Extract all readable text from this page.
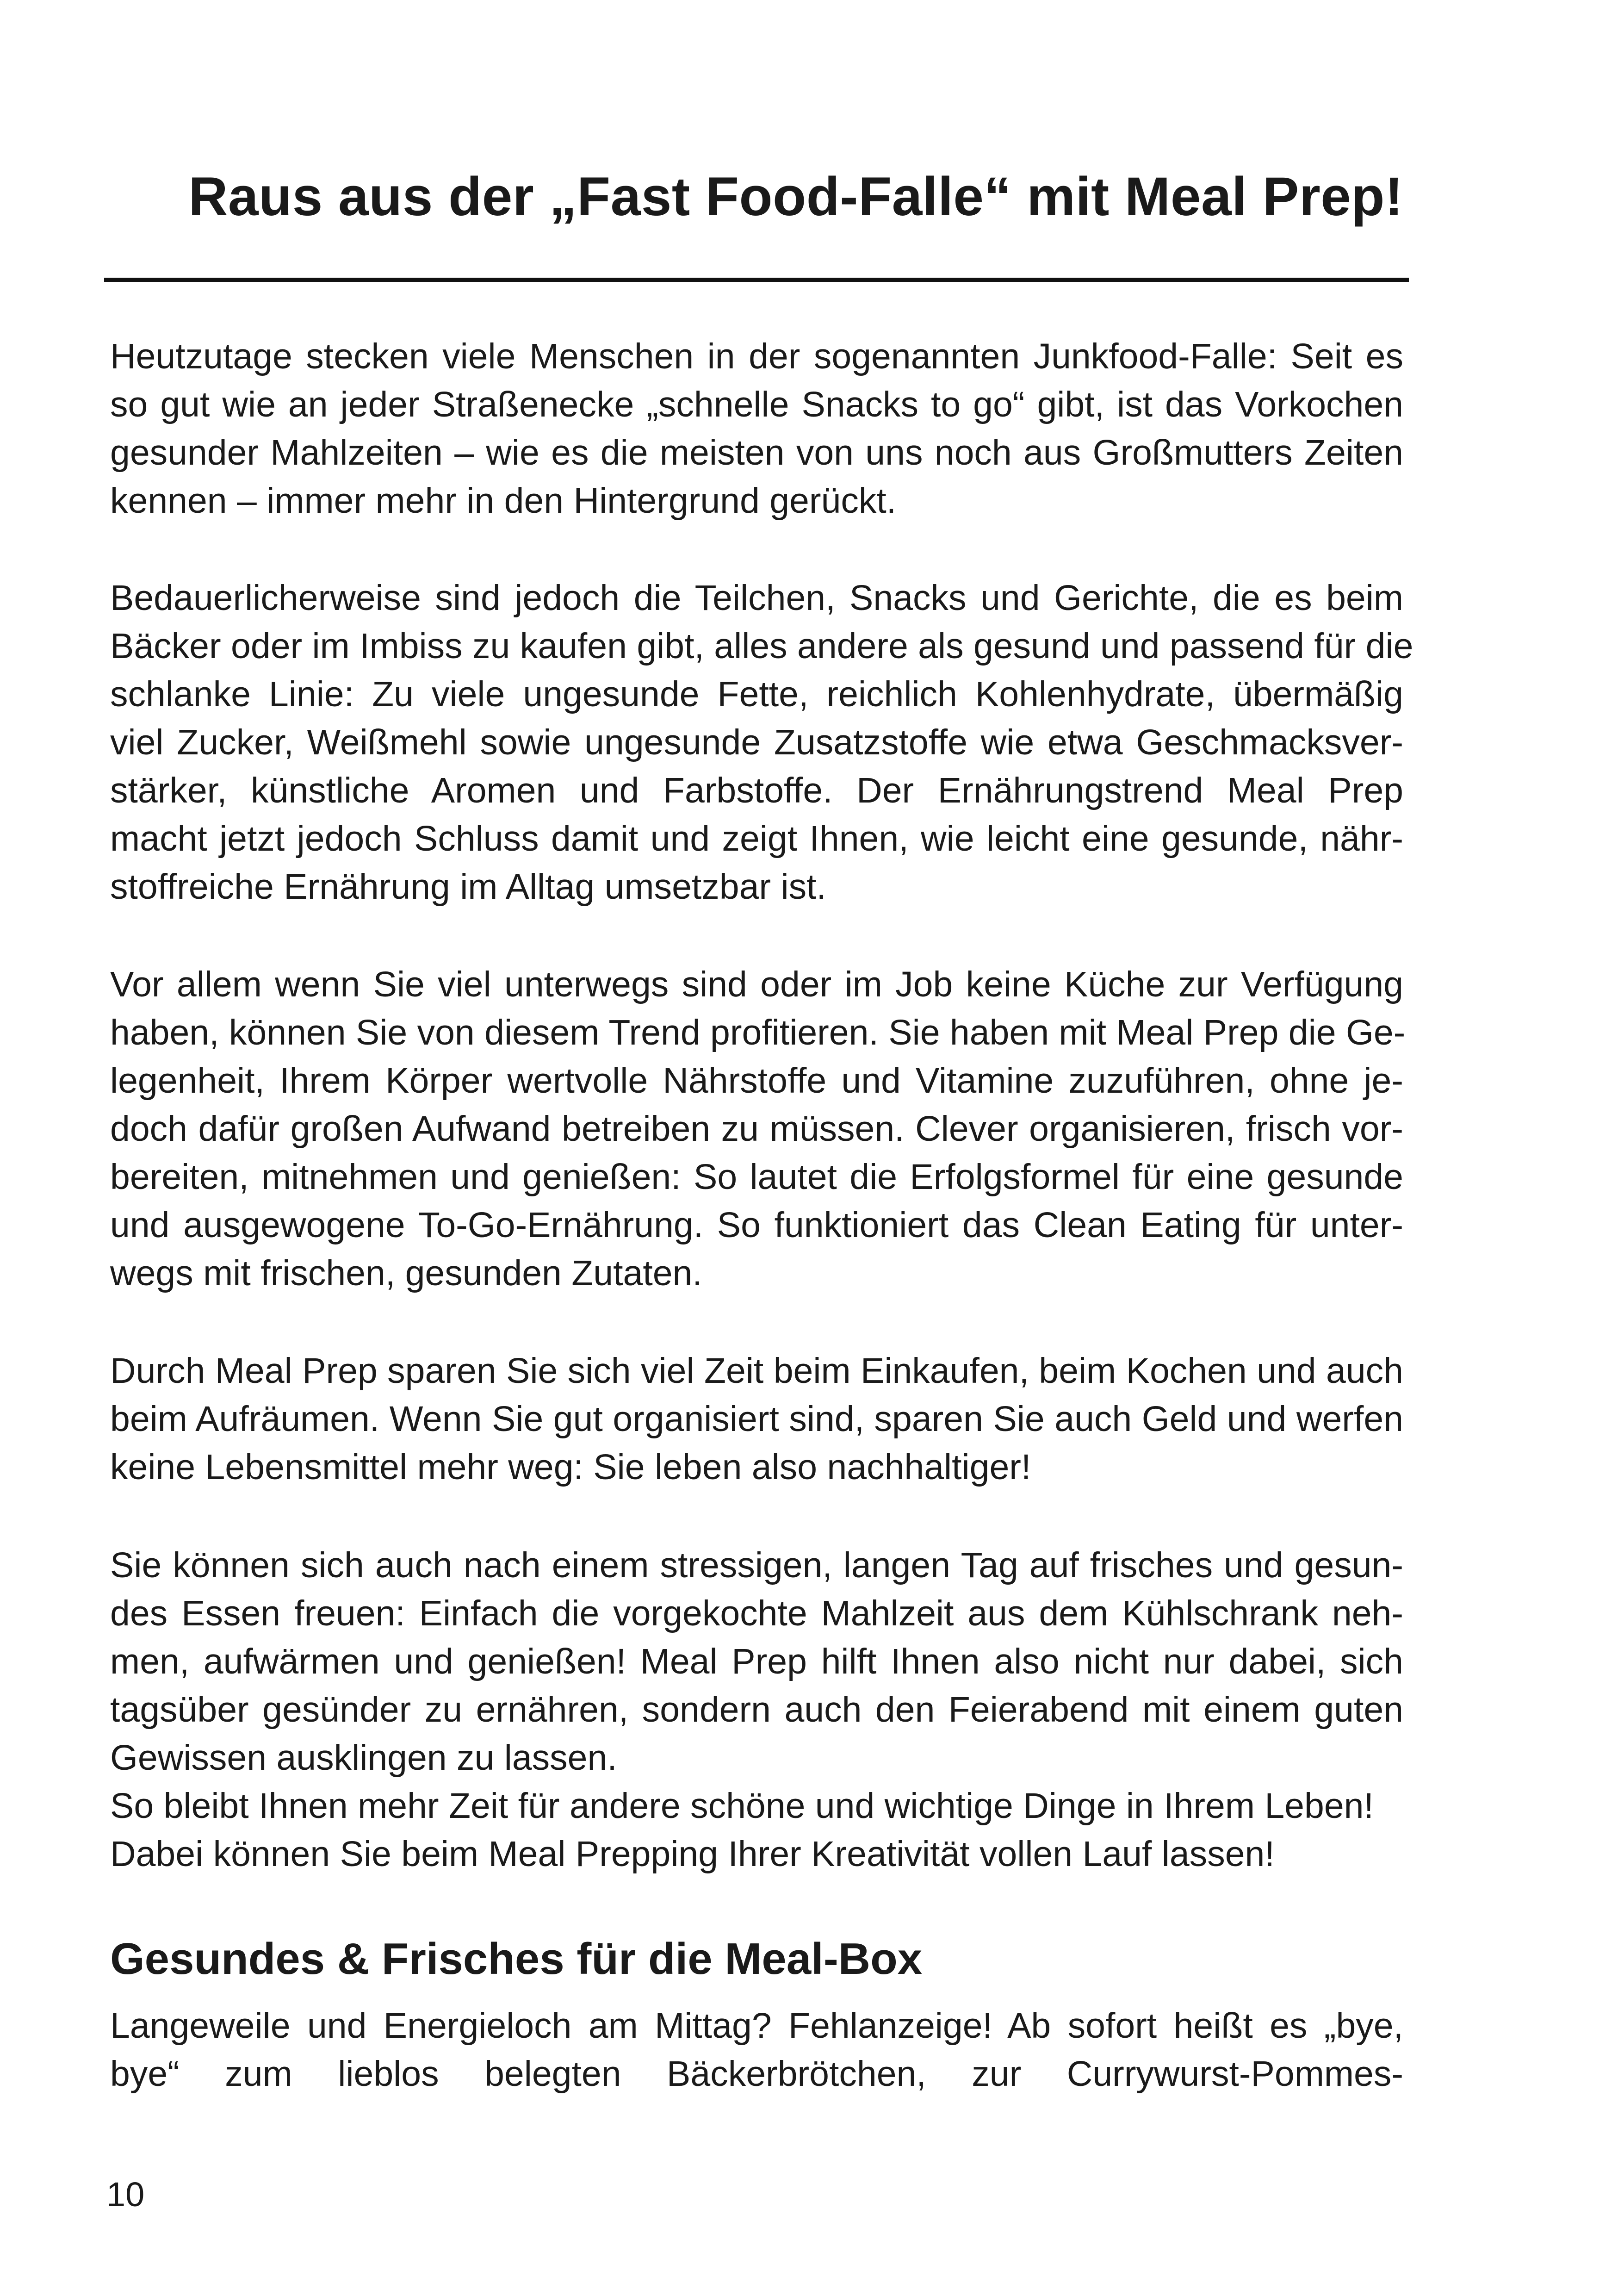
Raus aus der „Fast Food-Falle“ mit Meal Prep!
Heutzutage stecken viele Menschen in der sogenannten Junkfood-Falle: Seit es
so gut wie an jeder Straßenecke „schnelle Snacks to go“ gibt, ist das Vorkochen
gesunder Mahlzeiten – wie es die meisten von uns noch aus Großmutters Zeiten
kennen – immer mehr in den Hintergrund gerückt.
Bedauerlicherweise sind jedoch die Teilchen, Snacks und Gerichte, die es beim
Bäcker oder im Imbiss zu kaufen gibt, alles andere als gesund und passend für die
schlanke Linie: Zu viele ungesunde Fette, reichlich Kohlenhydrate, übermäßig
viel Zucker, Weißmehl sowie ungesunde Zusatzstoffe wie etwa Geschmacksver-
stärker, künstliche Aromen und Farbstoffe. Der Ernährungstrend Meal Prep
macht jetzt jedoch Schluss damit und zeigt Ihnen, wie leicht eine gesunde, nähr-
stoffreiche Ernährung im Alltag umsetzbar ist.
Vor allem wenn Sie viel unterwegs sind oder im Job keine Küche zur Verfügung
haben, können Sie von diesem Trend profitieren. Sie haben mit Meal Prep die Ge-
legenheit, Ihrem Körper wertvolle Nährstoffe und Vitamine zuzuführen, ohne je-
doch dafür großen Aufwand betreiben zu müssen. Clever organisieren, frisch vor-
bereiten, mitnehmen und genießen: So lautet die Erfolgsformel für eine gesunde
und ausgewogene To-Go-Ernährung. So funktioniert das Clean Eating für unter-
wegs mit frischen, gesunden Zutaten.
Durch Meal Prep sparen Sie sich viel Zeit beim Einkaufen, beim Kochen und auch
beim Aufräumen. Wenn Sie gut organisiert sind, sparen Sie auch Geld und werfen
keine Lebensmittel mehr weg: Sie leben also nachhaltiger!
Sie können sich auch nach einem stressigen, langen Tag auf frisches und gesun-
des Essen freuen: Einfach die vorgekochte Mahlzeit aus dem Kühlschrank neh-
men, aufwärmen und genießen! Meal Prep hilft Ihnen also nicht nur dabei, sich
tagsüber gesünder zu ernähren, sondern auch den Feierabend mit einem guten
Gewissen ausklingen zu lassen.
So bleibt Ihnen mehr Zeit für andere schöne und wichtige Dinge in Ihrem Leben!
Dabei können Sie beim Meal Prepping Ihrer Kreativität vollen Lauf lassen!
Gesundes & Frisches für die Meal-Box
Langeweile und Energieloch am Mittag? Fehlanzeige! Ab sofort heißt es „bye,
bye“ zum lieblos belegten Bäckerbrötchen, zur Currywurst-Pommes-
10
